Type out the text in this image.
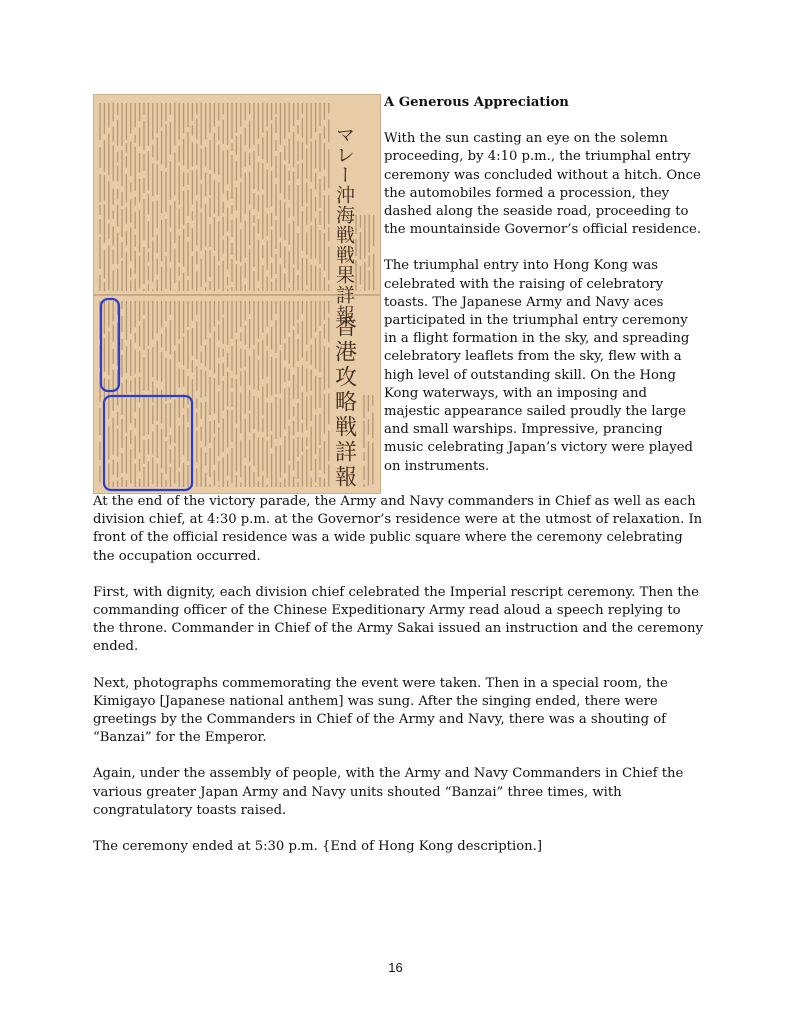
マレー沖海戦戦果詳報
香港攻略戦詳報
A Generous Appreciation

With the sun casting an eye on the solemn proceeding, by 4:10 p.m., the triumphal entry ceremony was concluded without a hitch. Once the automobiles formed a procession, they dashed along the seaside road, proceeding to the mountainside Governor’s official residence.

The triumphal entry into Hong Kong was celebrated with the raising of celebratory toasts. The Japanese Army and Navy aces participated in the triumphal entry ceremony in a flight formation in the sky, and spreading celebratory leaflets from the sky, flew with a high level of outstanding skill. On the Hong Kong waterways, with an imposing and majestic appearance sailed proudly the large and small warships. Impressive, prancing music celebrating Japan’s victory were played on instruments.

At the end of the victory parade, the Army and Navy commanders in Chief as well as each division chief, at 4:30 p.m. at the Governor’s residence were at the utmost of relaxation. In front of the official residence was a wide public square where the ceremony celebrating the occupation occurred.

First, with dignity, each division chief celebrated the Imperial rescript ceremony. Then the commanding officer of the Chinese Expeditionary Army read aloud a speech replying to the throne. Commander in Chief of the Army Sakai issued an instruction and the ceremony ended.

Next, photographs commemorating the event were taken. Then in a special room, the Kimigayo [Japanese national anthem] was sung. After the singing ended, there were greetings by the Commanders in Chief of the Army and Navy, there was a shouting of “Banzai” for the Emperor.

Again, under the assembly of people, with the Army and Navy Commanders in Chief the various greater Japan Army and Navy units shouted “Banzai” three times, with congratulatory toasts raised.

The ceremony ended at 5:30 p.m. {End of Hong Kong description.]

16
